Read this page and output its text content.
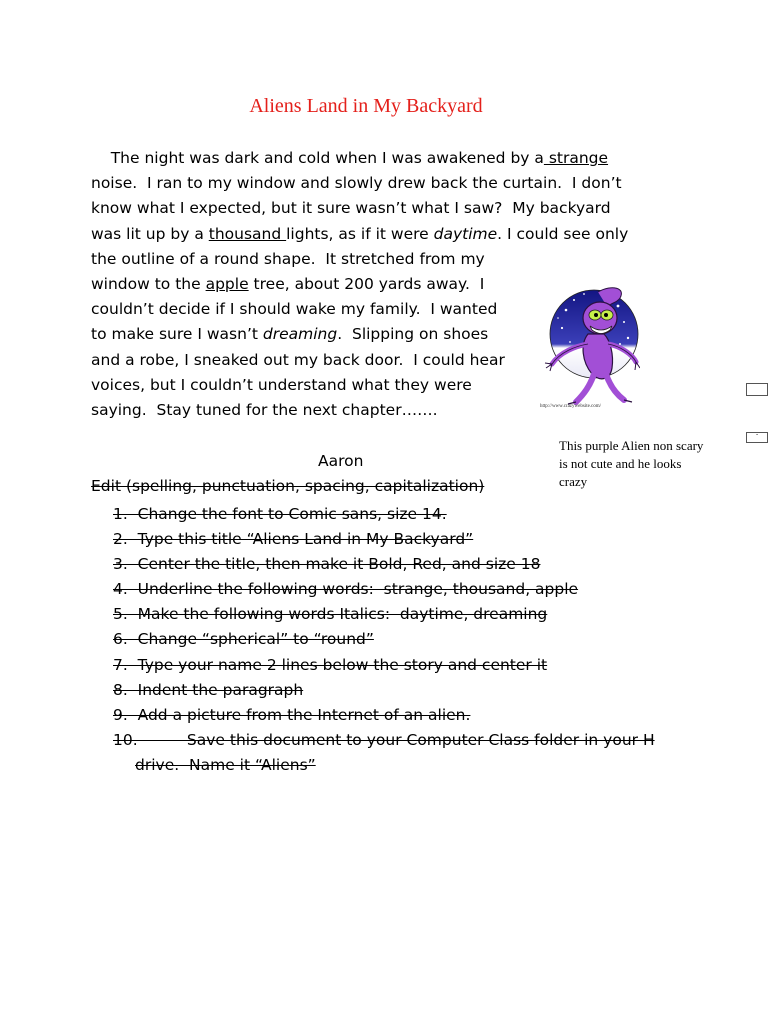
Aliens Land in My Backyard
The night was dark and cold when I was awakened by a strange
noise.  I ran to my window and slowly drew back the curtain.  I don’t
know what I expected, but it sure wasn’t what I saw?  My backyard
was lit up by a thousand lights, as if it were daytime. I could see only
the outline of a round shape.  It stretched from my
window to the apple tree, about 200 yards away.  I
couldn’t decide if I should wake my family.  I wanted
to make sure I wasn’t dreaming.  Slipping on shoes
and a robe, I sneaked out my back door.  I could hear
voices, but I couldn’t understand what they were
saying.  Stay tuned for the next chapter…….	http://www.crazywebsite.com/
This purple Alien non scary is not cute and he looks crazy
-
Aaron
Edit (spelling, punctuation, spacing, capitalization)
1.  Change the font to Comic sans, size 14.
2.  Type this title “Aliens Land in My Backyard”
3.  Center the title, then make it Bold, Red, and size 18
4.  Underline the following words:  strange, thousand, apple
5.  Make the following words Italics:  daytime, dreaming
6.  Change “spherical” to “round”
7.  Type your name 2 lines below the story and center it
8.  Indent the paragraph
9.  Add a picture from the Internet of an alien.
10.          Save this document to your Computer Class folder in your H
drive.  Name it “Aliens”
